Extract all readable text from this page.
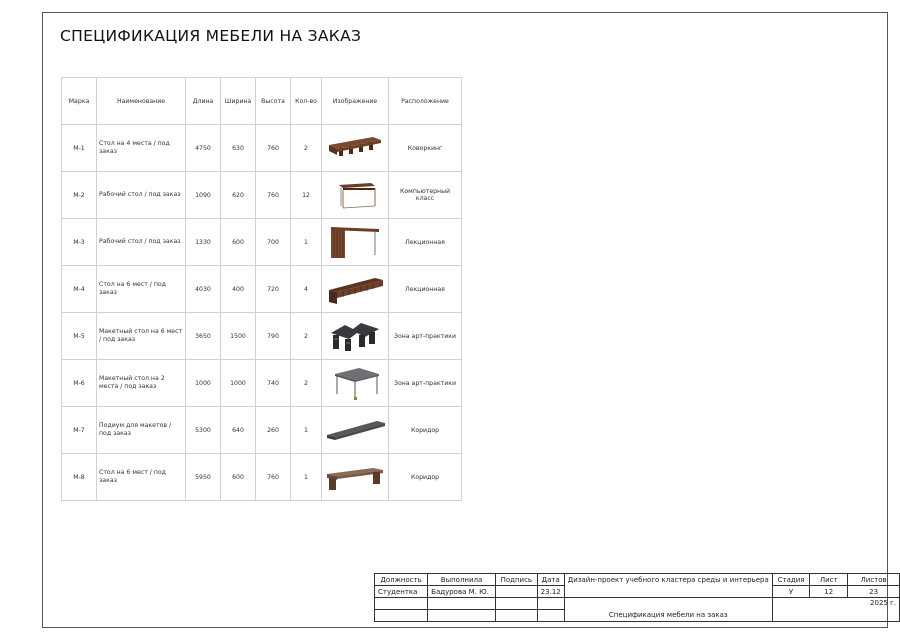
СПЕЦИФИКАЦИЯ МЕБЕЛИ НА ЗАКАЗ
Марка	Наименование	Длина	Ширина	Высота	Кол-во	Изображение	Расположение
М-1	Стол на 4 места / под заказ	4750	630	760	2		Коворкинг
М-2	Рабочий стол / под заказ	1090	620	760	12		Компьютерный класс
М-3	Рабочий стол / под заказ	1330	600	700	1		Лекционная
М-4	Стол на 6 мест / под заказ	4030	400	720	4		Лекционная
М-5	Макетный стол на 6 мест / под заказ	3650	1500	790	2		Зона арт-практики
М-6	Макетный стол на 2 места / под заказ	1000	1000	740	2		Зона арт-практики
М-7	Подиум для макетов / под заказ	5300	640	260	1		Коридор
М-8	Стол на 6 мест / под заказ	5950	600	760	1		Коридор
Должность	Выполнила	Подпись	Дата	Дизайн-проект учебного кластера среды и интерьера	Стадия	Лист	Листов
Студентка	Бадурова М. Ю.		23.12		У	12	23
				Спецификация мебели на заказ	2025 г.		
